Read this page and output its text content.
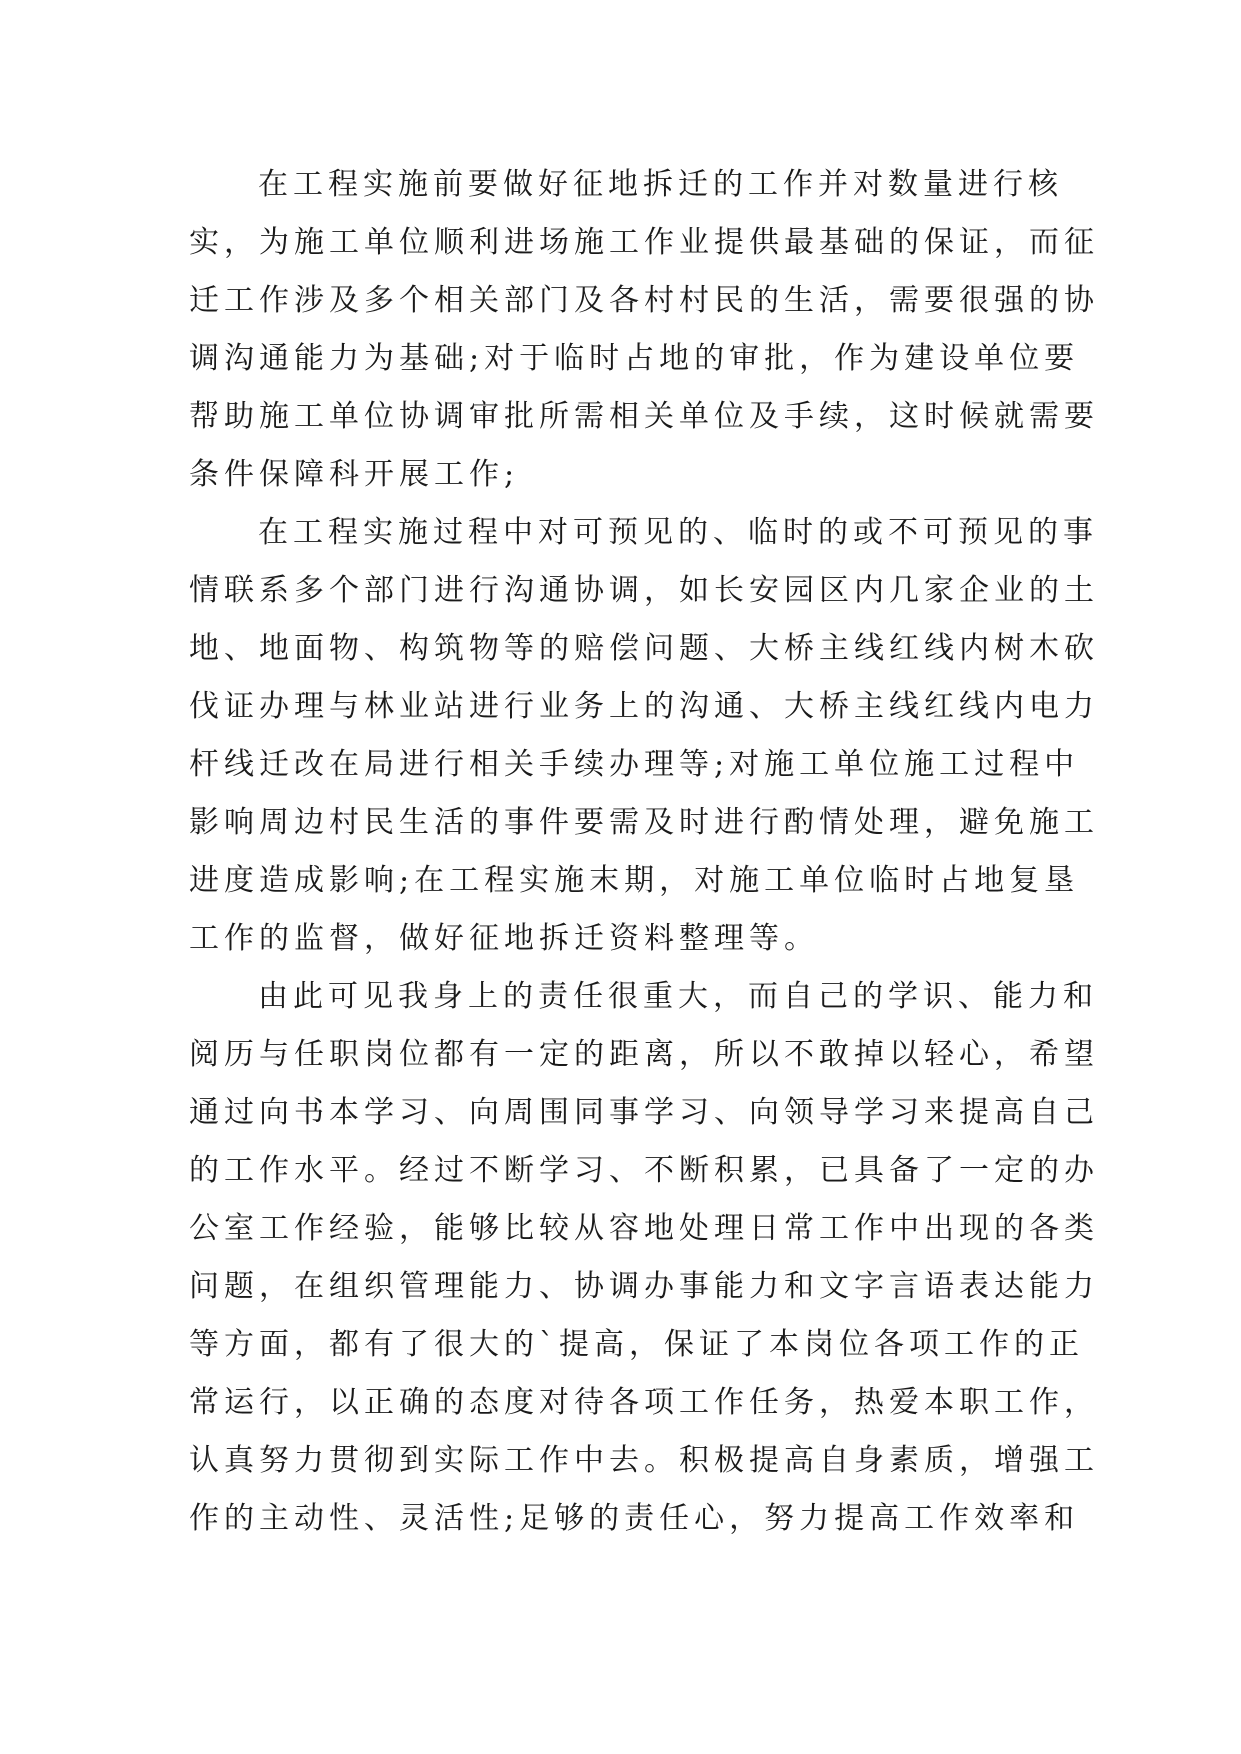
在工程实施前要做好征地拆迁的工作并对数量进行核
实，为施工单位顺利进场施工作业提供最基础的保证，而征
迁工作涉及多个相关部门及各村村民的生活，需要很强的协
调沟通能力为基础;对于临时占地的审批，作为建设单位要
帮助施工单位协调审批所需相关单位及手续，这时候就需要
条件保障科开展工作;
在工程实施过程中对可预见的、临时的或不可预见的事
情联系多个部门进行沟通协调，如长安园区内几家企业的土
地、地面物、构筑物等的赔偿问题、大桥主线红线内树木砍
伐证办理与林业站进行业务上的沟通、大桥主线红线内电力
杆线迁改在局进行相关手续办理等;对施工单位施工过程中
影响周边村民生活的事件要需及时进行酌情处理，避免施工
进度造成影响;在工程实施末期，对施工单位临时占地复垦
工作的监督，做好征地拆迁资料整理等。
由此可见我身上的责任很重大，而自己的学识、能力和
阅历与任职岗位都有一定的距离，所以不敢掉以轻心，希望
通过向书本学习、向周围同事学习、向领导学习来提高自己
的工作水平。经过不断学习、不断积累，已具备了一定的办
公室工作经验，能够比较从容地处理日常工作中出现的各类
问题，在组织管理能力、协调办事能力和文字言语表达能力
等方面，都有了很大的`提高，保证了本岗位各项工作的正
常运行，以正确的态度对待各项工作任务，热爱本职工作，
认真努力贯彻到实际工作中去。积极提高自身素质，增强工
作的主动性、灵活性;足够的责任心，努力提高工作效率和
